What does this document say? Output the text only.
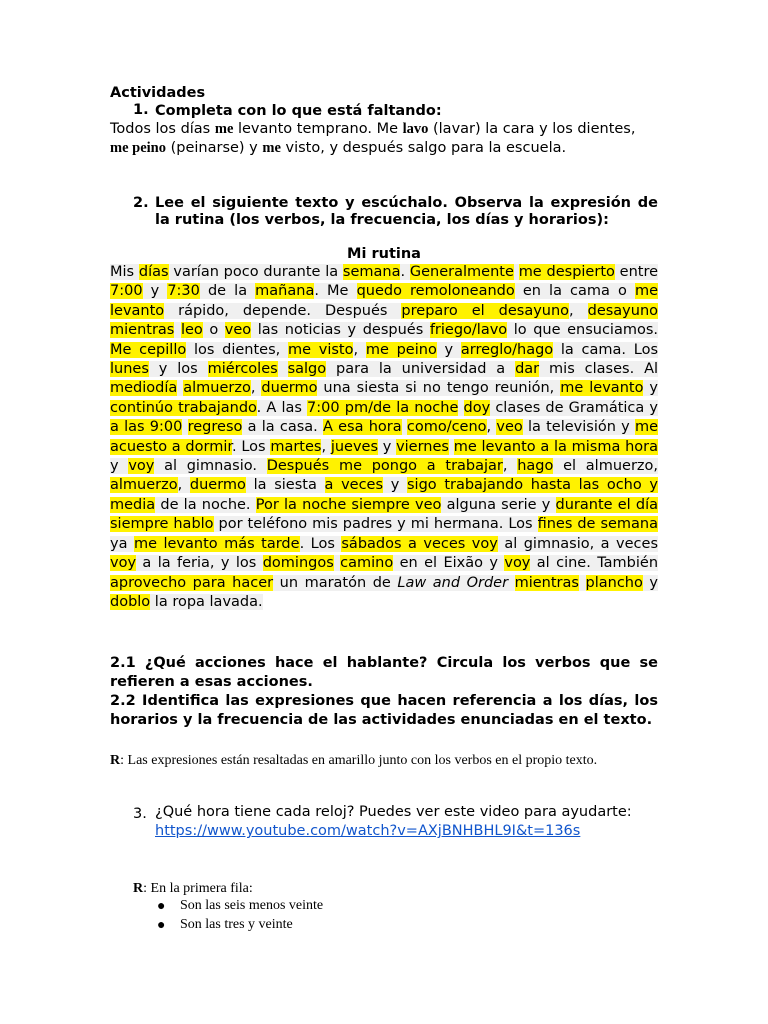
Actividades
1. Completa con lo que está faltando:
Todos los días me levanto temprano. Me lavo (lavar) la cara y los dientes, me peino (peinarse) y me visto, y después salgo para la escuela.
2. Lee el siguiente texto y escúchalo. Observa la expresión de la rutina (los verbos, la frecuencia, los días y horarios):
Mi rutina
Mis días varían poco durante la semana. Generalmente me despierto entre 7:00 y 7:30 de la mañana. Me quedo remoloneando en la cama o me levanto rápido, depende. Después preparo el desayuno, desayuno mientras leo o veo las noticias y después friego/lavo lo que ensuciamos. Me cepillo los dientes, me visto, me peino y arreglo/hago la cama. Los lunes y los miércoles salgo para la universidad a dar mis clases. Al mediodía almuerzo, duermo una siesta si no tengo reunión, me levanto y continúo trabajando. A las 7:00 pm/de la noche doy clases de Gramática y a las 9:00 regreso a la casa. A esa hora como/ceno, veo la televisión y me acuesto a dormir. Los martes, jueves y viernes me levanto a la misma hora y voy al gimnasio. Después me pongo a trabajar, hago el almuerzo, almuerzo, duermo la siesta a veces y sigo trabajando hasta las ocho y media de la noche. Por la noche siempre veo alguna serie y durante el día siempre hablo por teléfono mis padres y mi hermana. Los fines de semana ya me levanto más tarde. Los sábados a veces voy al gimnasio, a veces voy a la feria, y los domingos camino en el Eixão y voy al cine. También aprovecho para hacer un maratón de Law and Order mientras plancho y doblo la ropa lavada.
2.1 ¿Qué acciones hace el hablante? Circula los verbos que se refieren a esas acciones.
2.2 Identifica las expresiones que hacen referencia a los días, los horarios y la frecuencia de las actividades enunciadas en el texto.
R: Las expresiones están resaltadas en amarillo junto con los verbos en el propio texto.
3. ¿Qué hora tiene cada reloj? Puedes ver este video para ayudarte: https://www.youtube.com/watch?v=AXjBNHBHL9I&t=136s
R: En la primera fila:
● Son las seis menos veinte
● Son las tres y veinte
